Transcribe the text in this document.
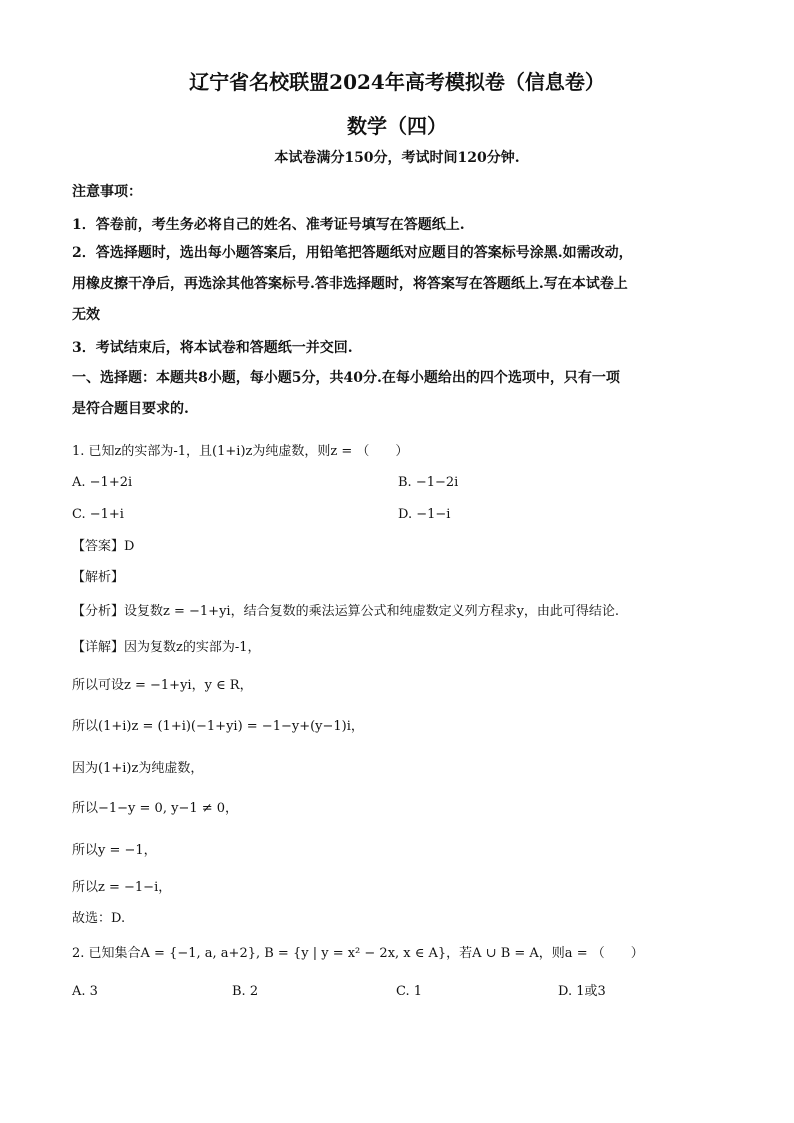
辽宁省名校联盟2024年高考模拟卷（信息卷）
数学（四）
本试卷满分150分，考试时间120分钟.
注意事项：
1．答卷前，考生务必将自己的姓名、准考证号填写在答题纸上.
2．答选择题时，选出每小题答案后，用铅笔把答题纸对应题目的答案标号涂黑.如需改动，
用橡皮擦干净后，再选涂其他答案标号.答非选择题时，将答案写在答题纸上.写在本试卷上
无效
3．考试结束后，将本试卷和答题纸一并交回.
一、选择题：本题共8小题，每小题5分，共40分.在每小题给出的四个选项中，只有一项
是符合题目要求的.
1. 已知z的实部为-1，且(1+i)z为纯虚数，则z = （　　）
A. −1+2i	B. −1−2i
C. −1+i	D. −1−i
【答案】D
【解析】
【分析】设复数z = −1+yi，结合复数的乘法运算公式和纯虚数定义列方程求y，由此可得结论.
【详解】因为复数z的实部为-1，
所以可设z = −1+yi，y ∈ R，
所以(1+i)z = (1+i)(−1+yi) = −1−y+(y−1)i，
因为(1+i)z为纯虚数，
所以−1−y = 0, y−1 ≠ 0，
所以y = −1，
所以z = −1−i，
故选：D.
2. 已知集合A = {−1, a, a+2}, B = {y | y = x² − 2x, x ∈ A}，若A ∪ B = A，则a = （　　）
A. 3	B. 2	C. 1	D. 1或3
